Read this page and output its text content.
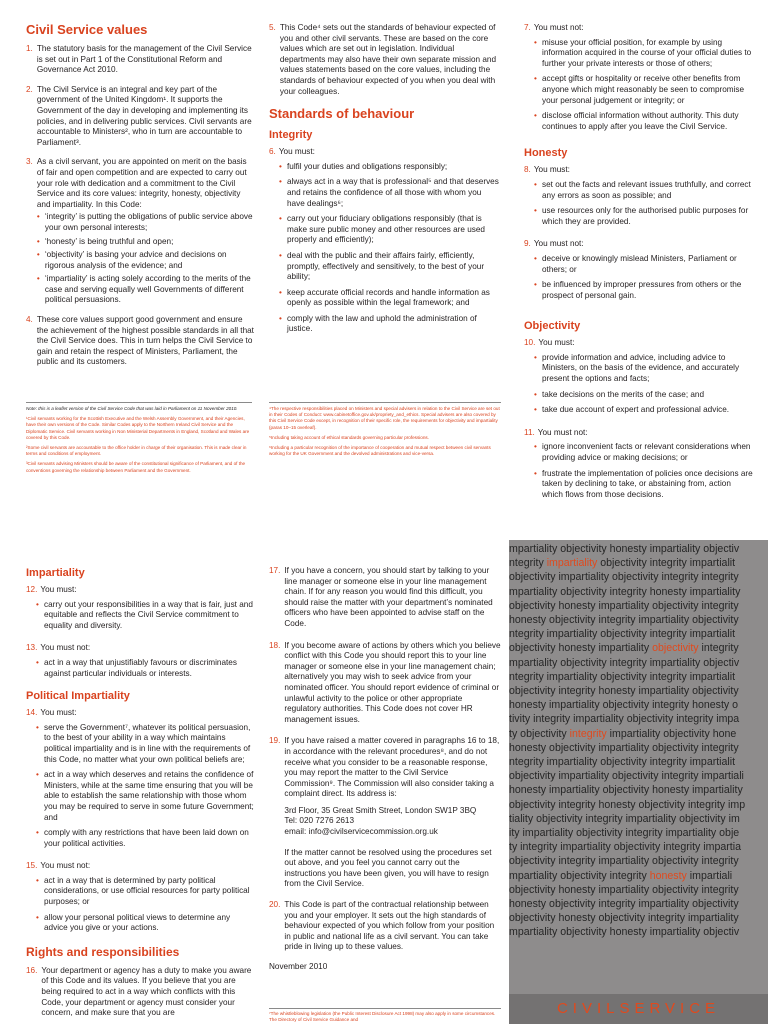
Civil Service values
1. The statutory basis for the management of the Civil Service is set out in Part 1 of the Constitutional Reform and Governance Act 2010.
2. The Civil Service is an integral and key part of the government of the United Kingdom¹. It supports the Government of the day in developing and implementing its policies, and in delivering public services. Civil servants are accountable to Ministers², who in turn are accountable to Parliament³.
3. As a civil servant, you are appointed on merit on the basis of fair and open competition and are expected to carry out your role with dedication and a commitment to the Civil Service and its core values: integrity, honesty, objectivity and impartiality. In this Code:
• ‘integrity’ is putting the obligations of public service above your own personal interests;
• ‘honesty’ is being truthful and open;
• ‘objectivity’ is basing your advice and decisions on rigorous analysis of the evidence; and
• ‘impartiality’ is acting solely according to the merits of the case and serving equally well Governments of different political persuasions.
4. These core values support good government and ensure the achievement of the highest possible standards in all that the Civil Service does. This in turn helps the Civil Service to gain and retain the respect of Ministers, Parliament, the public and its customers.

Note: this is a leaflet version of the Civil Service Code that was laid in Parliament on 11 November 2010.

¹Civil servants working for the Scottish Executive and the Welsh Assembly Government, and their Agencies, have their own versions of the Code. Similar Codes apply to the Northern Ireland Civil Service and the Diplomatic Service. Civil servants working in Non Ministerial Departments in England, Scotland and Wales are covered by this Code.

²Some civil servants are accountable to the office holder in charge of their organisation. This is made clear in terms and conditions of employment.

³Civil servants advising Ministers should be aware of the constitutional significance of Parliament, and of the conventions governing the relationship between Parliament and the Government.

5. This Code⁴ sets out the standards of behaviour expected of you and other civil servants. These are based on the core values which are set out in legislation. Individual departments may also have their own separate mission and values statements based on the core values, including the standards of behaviour expected of you when you deal with your colleagues.
Standards of behaviour
Integrity
6. You must:
• fulfil your duties and obligations responsibly;
• always act in a way that is professional⁵ and that deserves and retains the confidence of all those with whom you have dealings⁶;
• carry out your fiduciary obligations responsibly (that is make sure public money and other resources are used properly and efficiently);
• deal with the public and their affairs fairly, efficiently, promptly, effectively and sensitively, to the best of your ability;
• keep accurate official records and handle information as openly as possible within the legal framework; and
• comply with the law and uphold the administration of justice.

⁴The respective responsibilities placed on Ministers and special advisers in relation to the Civil Service are set out in their Codes of Conduct: www.cabinetoffice.gov.uk/propriety_and_ethics. Special advisers are also covered by this Civil Service Code except, in recognition of their specific role, the requirements for objectivity and impartiality (paras 10–15 overleaf).

⁵Including taking account of ethical standards governing particular professions.

⁶Including a particular recognition of the importance of cooperation and mutual respect between civil servants working for the UK Government and the devolved administrations and vice-versa.

7. You must not:
• misuse your official position, for example by using information acquired in the course of your official duties to further your private interests or those of others;
• accept gifts or hospitality or receive other benefits from anyone which might reasonably be seen to compromise your personal judgement or integrity; or
• disclose official information without authority. This duty continues to apply after you leave the Civil Service.
Honesty
8. You must:
• set out the facts and relevant issues truthfully, and correct any errors as soon as possible; and
• use resources only for the authorised public purposes for which they are provided.
9. You must not:
• deceive or knowingly mislead Ministers, Parliament or others; or
• be influenced by improper pressures from others or the prospect of personal gain.
Objectivity
10. You must:
• provide information and advice, including advice to Ministers, on the basis of the evidence, and accurately present the options and facts;
• take decisions on the merits of the case; and
• take due account of expert and professional advice.
11. You must not:
• ignore inconvenient facts or relevant considerations when providing advice or making decisions; or
• frustrate the implementation of policies once decisions are taken by declining to take, or abstaining from, action which flows from those decisions.
Impartiality
12. You must:
• carry out your responsibilities in a way that is fair, just and equitable and reflects the Civil Service commitment to equality and diversity.
13. You must not:
• act in a way that unjustifiably favours or discriminates against particular individuals or interests.
Political Impartiality
14. You must:
• serve the Government⁷, whatever its political persuasion, to the best of your ability in a way which maintains political impartiality and is in line with the requirements of this Code, no matter what your own political beliefs are;
• act in a way which deserves and retains the confidence of Ministers, while at the same time ensuring that you will be able to establish the same relationship with those whom you may be required to serve in some future Government; and
• comply with any restrictions that have been laid down on your political activities.
15. You must not:
• act in a way that is determined by party political considerations, or use official resources for party political purposes; or
• allow your personal political views to determine any advice you give or your actions.
Rights and responsibilities
16. Your department or agency has a duty to make you aware of this Code and its values. If you believe that you are being required to act in a way which conflicts with this Code, your department or agency must consider your concern, and make sure that you are
17. If you have a concern, you should start by talking to your line manager or someone else in your line management chain. If for any reason you would find this difficult, you should raise the matter with your department’s nominated officers who have been appointed to advise staff on the Code.
18. If you become aware of actions by others which you believe conflict with this Code you should report this to your line manager or someone else in your line management chain; alternatively you may wish to seek advice from your nominated officer. You should report evidence of criminal or unlawful activity to the police or other appropriate regulatory authorities. This Code does not cover HR management issues.
19. If you have raised a matter covered in paragraphs 16 to 18, in accordance with the relevant procedures⁸, and do not receive what you consider to be a reasonable response, you may report the matter to the Civil Service Commission⁹. The Commission will also consider taking a complaint direct. Its address is:
3rd Floor, 35 Great Smith Street, London SW1P 3BQ
Tel: 020 7276 2613
email: info@civilservicecommission.org.uk
If the matter cannot be resolved using the procedures set out above, and you feel you cannot carry out the instructions you have been given, you will have to resign from the Civil Service.
20. This Code is part of the contractual relationship between you and your employer. It sets out the high standards of behaviour expected of you which follow from your position in public and national life as a civil servant. You can take pride in living up to these values.
November 2010
⁷The whistleblowing legislation (the Public Interest Disclosure Act 1998) may also apply in some circumstances. The Directory of Civil Service Guidance and
mpartiality objectivity honesty impartiality objectiv
ntegrity impartiality objectivity integrity impartialit
objectivity impartiality objectivity integrity integrity
mpartiality objectivity integrity honesty impartiality
objectivity honesty impartiality objectivity integrity
honesty objectivity integrity impartiality objectivity
ntegrity impartiality objectivity integrity impartialit
objectivity honesty impartiality objectivity integrity
mpartiality objectivity integrity impartiality objectiv
ntegrity impartiality objectivity integrity impartialit
objectivity integrity honesty impartiality objectivity
honesty impartiality objectivity integrity honesty o
tivity integrity impartiality objectivity integrity impa
ty objectivity integrity impartiality objectivity hone
honesty objectivity impartiality objectivity integrity
ntegrity impartiality objectivity integrity impartialit
objectivity impartiality objectivity integrity impartiali
honesty impartiality objectivity honesty impartiality
objectivity integrity honesty objectivity integrity imp
tiality objectivity integrity impartiality objectivity im
ity impartiality objectivity integrity impartiality obje
ty integrity impartiality objectivity integrity impartia
objectivity integrity impartiality objectivity integrity
mpartiality objectivity integrity honesty impartiali
objectivity honesty impartiality objectivity integrity
honesty objectivity integrity impartiality objectivity
objectivity honesty objectivity integrity impartiality
mpartiality objectivity honesty impartiality objectiv
CIVILSERVICE
